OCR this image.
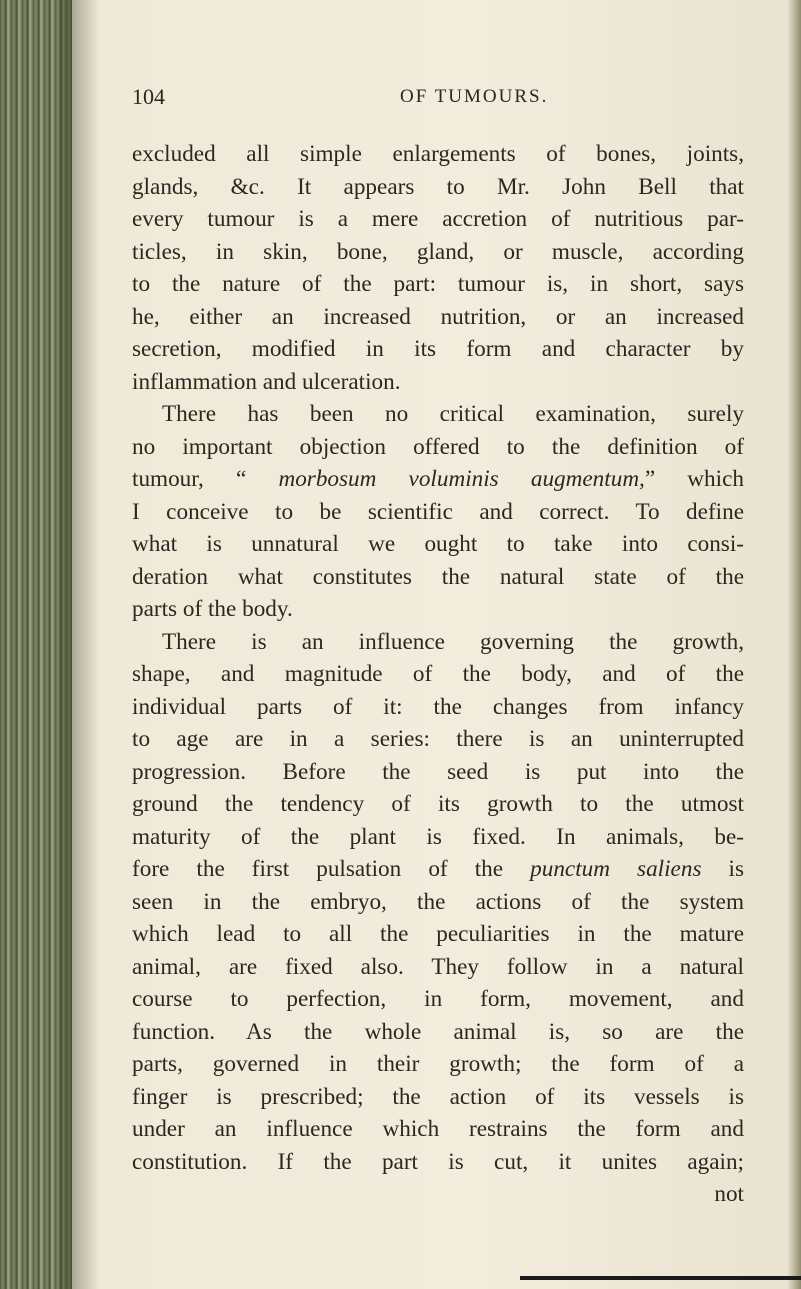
104	OF TUMOURS.
excluded all simple enlargements of bones, joints,
glands, &c. It appears to Mr. John Bell that
every tumour is a mere accretion of nutritious par-
ticles, in skin, bone, gland, or muscle, according
to the nature of the part: tumour is, in short, says
he, either an increased nutrition, or an increased
secretion, modified in its form and character by
inflammation and ulceration.
There has been no critical examination, surely
no important objection offered to the definition of
tumour, “ morbosum voluminis augmentum,” which
I conceive to be scientific and correct. To define
what is unnatural we ought to take into consi-
deration what constitutes the natural state of the
parts of the body.
There is an influence governing the growth,
shape, and magnitude of the body, and of the
individual parts of it: the changes from infancy
to age are in a series: there is an uninterrupted
progression. Before the seed is put into the
ground the tendency of its growth to the utmost
maturity of the plant is fixed. In animals, be-
fore the first pulsation of the punctum saliens is
seen in the embryo, the actions of the system
which lead to all the peculiarities in the mature
animal, are fixed also. They follow in a natural
course to perfection, in form, movement, and
function. As the whole animal is, so are the
parts, governed in their growth; the form of a
finger is prescribed; the action of its vessels is
under an influence which restrains the form and
constitution. If the part is cut, it unites again;
not
